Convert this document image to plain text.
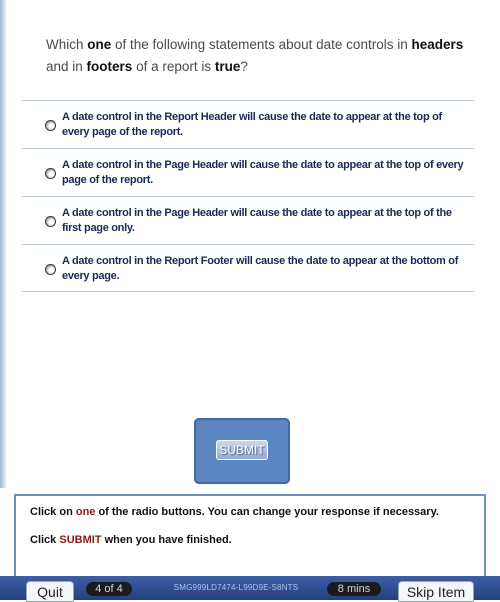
Which one of the following statements about date controls in headers and in footers of a report is true?
A date control in the Report Header will cause the date to appear at the top of every page of the report.
A date control in the Page Header will cause the date to appear at the top of every page of the report.
A date control in the Page Header will cause the date to appear at the top of the first page only.
A date control in the Report Footer will cause the date to appear at the bottom of every page.
SUBMIT
Click on one of the radio buttons. You can change your response if necessary.
Click SUBMIT when you have finished.
Quit	4 of 4	SMG999LD7474-L99D9E-S8NTS	8 mins	Skip Item
